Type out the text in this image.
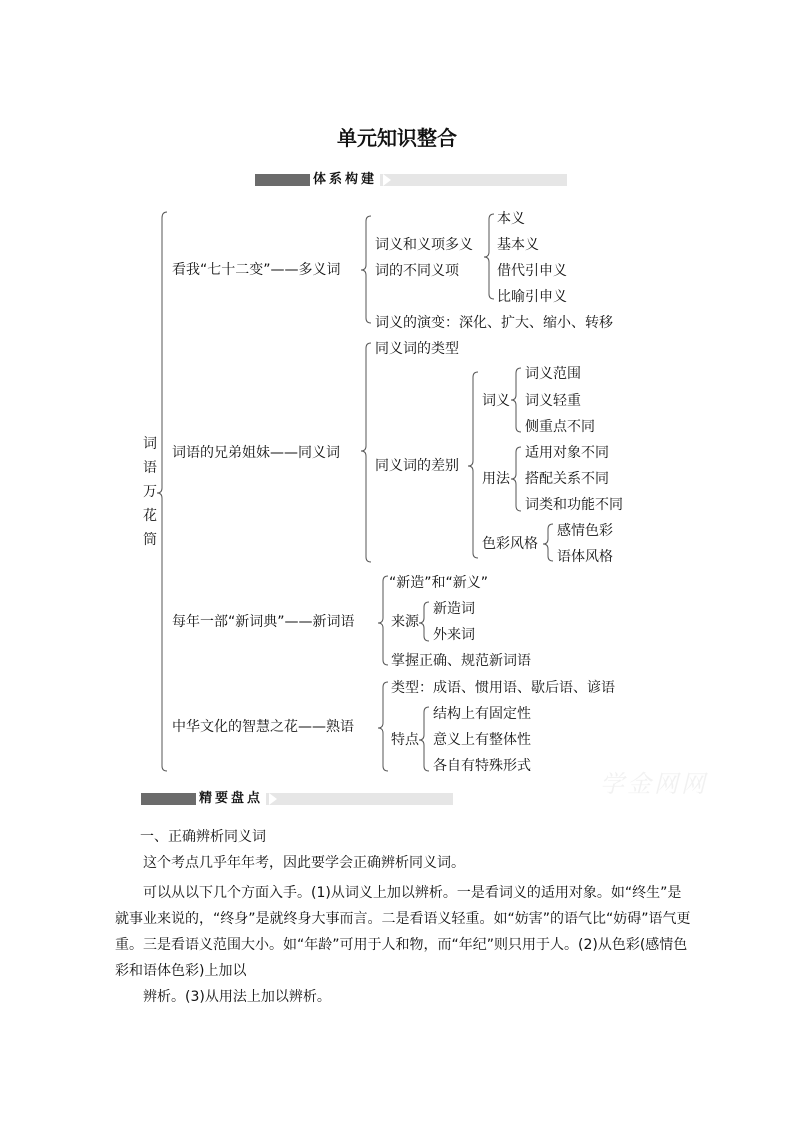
单元知识整合
体系构建
词
语
万
花
筒
看我“七十二变”——多义词
词义和义项多义
词的不同义项
本义
基本义
借代引申义
比喻引申义
词义的演变：深化、扩大、缩小、转移
词语的兄弟姐妹——同义词
同义词的类型
同义词的差别
词义
词义范围
词义轻重
侧重点不同
用法
适用对象不同
搭配关系不同
词类和功能不同
色彩风格
感情色彩
语体风格
每年一部“新词典”——新词语
“新造”和“新义”
来源
新造词
外来词
掌握正确、规范新词语
中华文化的智慧之花——熟语
类型：成语、惯用语、歇后语、谚语
特点
结构上有固定性
意义上有整体性
各自有特殊形式
学金网网
精要盘点
一、正确辨析同义词
这个考点几乎年年考，因此要学会正确辨析同义词。
可以从以下几个方面入手。(1)从词义上加以辨析。一是看词义的适用对象。如“终生”是就事业来说的，“终身”是就终身大事而言。二是看语义轻重。如“妨害”的语气比“妨碍”语气更重。三是看语义范围大小。如“年龄”可用于人和物，而“年纪”则只用于人。(2)从色彩(感情色彩和语体色彩)上加以
辨析。(3)从用法上加以辨析。
